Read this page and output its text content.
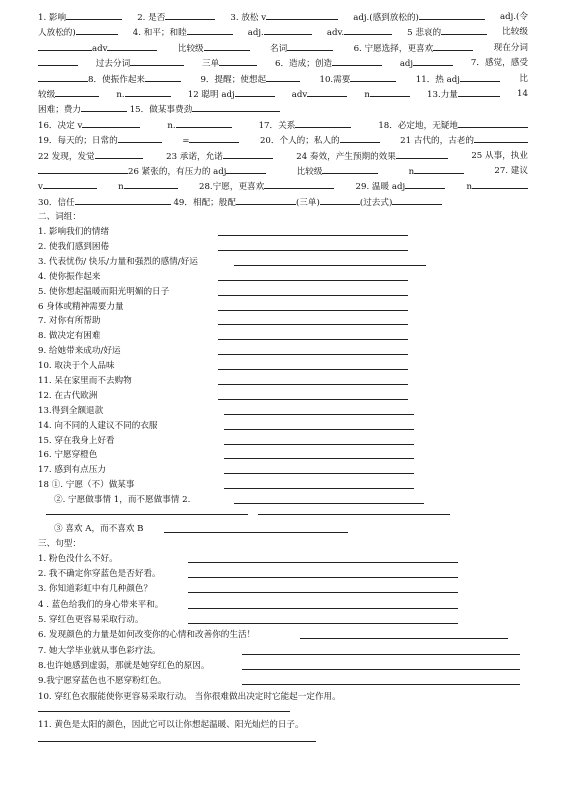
1. 影响	2. 是否	3. 放松 v	adj.(感到放松的)	adj.(令
人放松的)	4. 和平；和睦	adj.	adv.	5 悲哀的	比较级
adv	比较级	名词	6. 宁愿选择，更喜欢	现在分词
过去分词	三单	6．造成；创造	adj	7．感觉，感受
8．使振作起来	9．提醒；使想起	10.需要	11．热 adj	比
较级	n.	12 聪明 adj	adv	n	13.力量	14
困难；费力	15．做某事费劲
16．决定 v	n.	17．关系	18．必定地，无疑地
19．每天的；日常的	=	20．个人的；私人的	21 古代的，古老的
22 发现，发觉	23 承诺，允诺	24 奏效，产生预期的效果	25 从事，执业
26 紧张的，有压力的 adj	比较级	n	27. 建议
v	n	28.宁愿，更喜欢	29. 温暖 adj	n
30．信任	49．相配；般配	(三单)	(过去式)
二、词组：
1. 影响我们的情绪
2. 使我们感到困倦
3. 代表忧伤/ 快乐/力量和强烈的感情/好运
4. 使你振作起来
5. 使你想起温暖而阳光明媚的日子
6 身体或精神需要力量
7. 对你有所帮助
8. 做决定有困难
9. 给她带来成功/好运
10. 取决于个人品味
11. 呆在家里而不去购物
12. 在古代欧洲
13.得到全额退款
14. 向不同的人建议不同的衣服
15. 穿在我身上好看
16. 宁愿穿橙色
17. 感到有点压力
18 ①. 宁愿（不）做某事
②. 宁愿做事情 1，而不愿做事情 2.
③ 喜欢 A，而不喜欢 B
三、句型：
1. 粉色没什么不好。
2. 我不确定你穿蓝色是否好看。
3. 你知道彩虹中有几种颜色？
4 . 蓝色给我们的身心带来平和。
5. 穿红色更容易采取行动。
6. 发现颜色的力量是如何改变你的心情和改善你的生活！
7. 她大学毕业就从事色彩疗法。
8.也许她感到虚弱，那就是她穿红色的原因。
9.我宁愿穿蓝色也不愿穿粉红色。
10. 穿红色衣服能使你更容易采取行动。 当你很难做出决定时它能起一定作用。
11. 黄色是太阳的颜色，因此它可以让你想起温暖、阳光灿烂的日子。
